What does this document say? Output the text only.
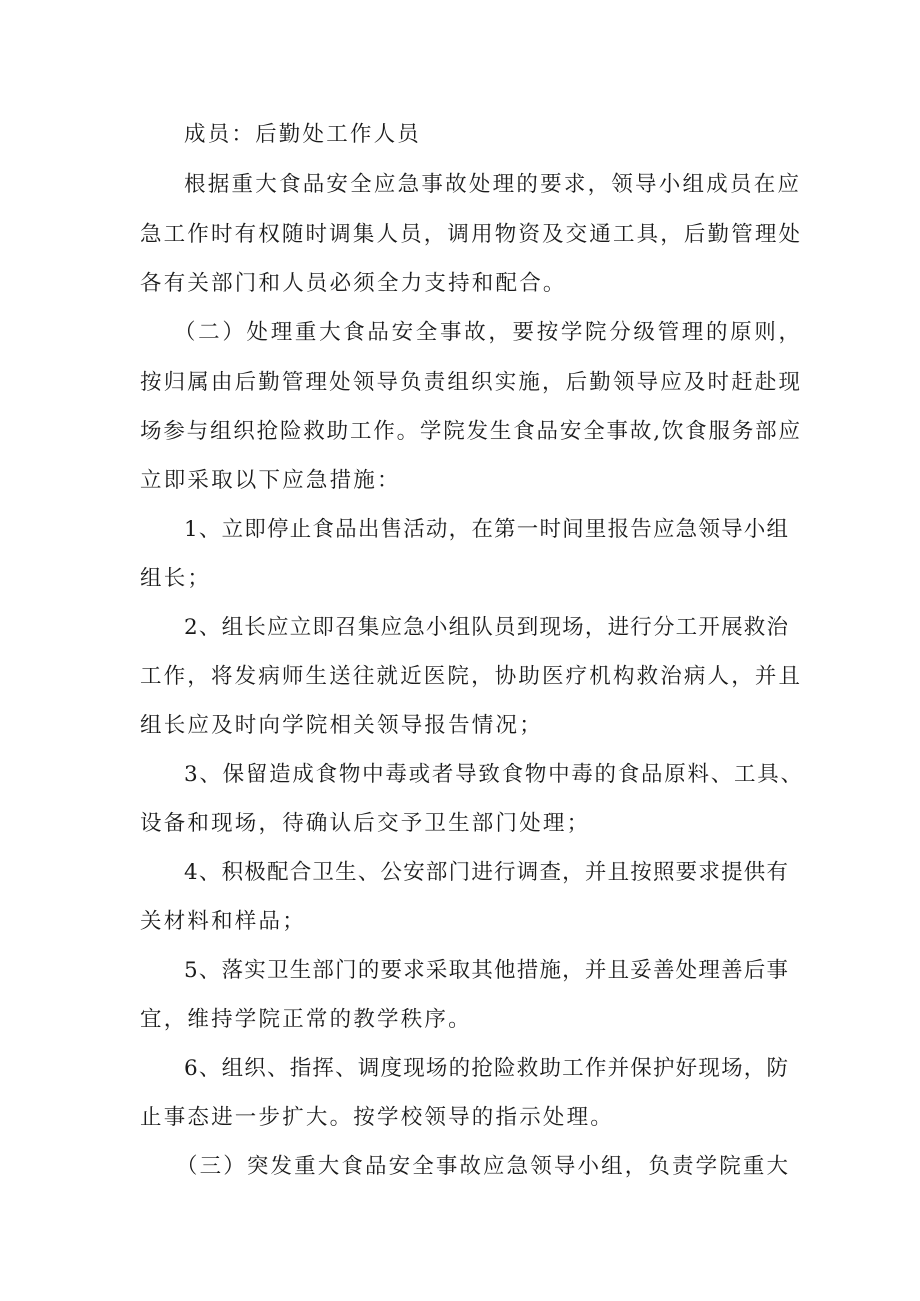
成员：后勤处工作人员
根据重大食品安全应急事故处理的要求，领导小组成员在应
急工作时有权随时调集人员，调用物资及交通工具，后勤管理处
各有关部门和人员必须全力支持和配合。
（二）处理重大食品安全事故，要按学院分级管理的原则，
按归属由后勤管理处领导负责组织实施，后勤领导应及时赶赴现
场参与组织抢险救助工作。学院发生食品安全事故,饮食服务部应
立即采取以下应急措施：
1、立即停止食品出售活动，在第一时间里报告应急领导小组
组长；
2、组长应立即召集应急小组队员到现场，进行分工开展救治
工作，将发病师生送往就近医院，协助医疗机构救治病人，并且
组长应及时向学院相关领导报告情况；
3、保留造成食物中毒或者导致食物中毒的食品原料、工具、
设备和现场，待确认后交予卫生部门处理；
4、积极配合卫生、公安部门进行调查，并且按照要求提供有
关材料和样品；
5、落实卫生部门的要求采取其他措施，并且妥善处理善后事
宜，维持学院正常的教学秩序。
6、组织、指挥、调度现场的抢险救助工作并保护好现场，防
止事态进一步扩大。按学校领导的指示处理。
（三）突发重大食品安全事故应急领导小组，负责学院重大
